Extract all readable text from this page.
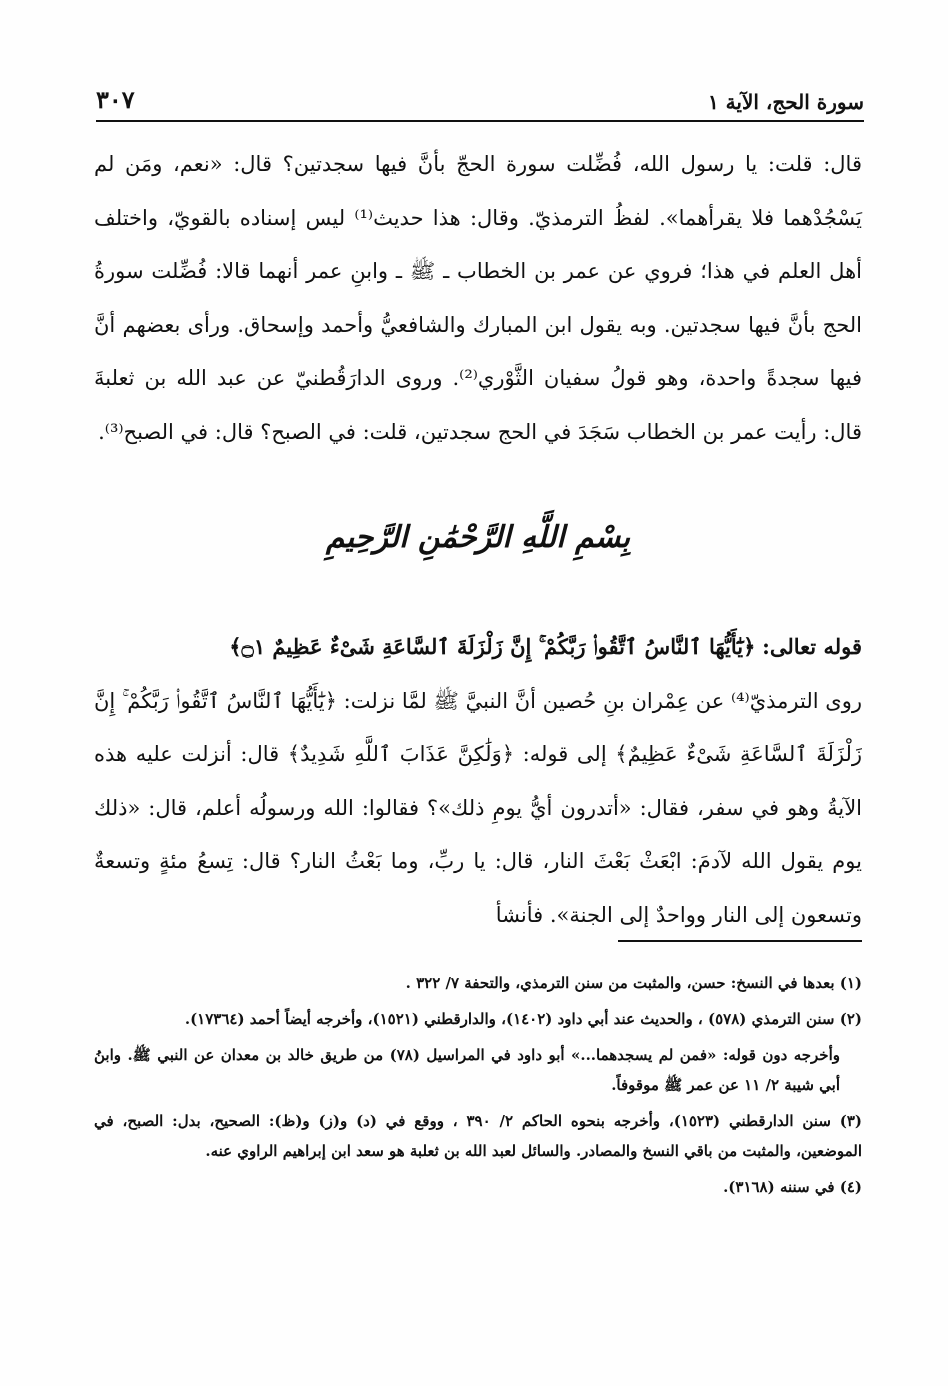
سورة الحج، الآية ١
٣٠٧

قال: قلت: يا رسول الله، فُضِّلت سورة الحجّ بأنَّ فيها سجدتين؟ قال: «نعم، ومَن لم يَسْجُدْهما فلا يقرأهما». لفظُ الترمذيّ. وقال: هذا حديث⁽¹⁾ ليس إسناده بالقويّ، واختلف أهل العلم في هذا؛ فروي عن عمر بن الخطاب ـ ﷺ ـ وابنِ عمر أنهما قالا: فُضِّلت سورةُ الحج بأنَّ فيها سجدتين. وبه يقول ابن المبارك والشافعيُّ وأحمد وإسحاق. ورأى بعضهم أنَّ فيها سجدةً واحدة، وهو قولُ سفيان الثَّوْري⁽²⁾. وروى الدارَقُطنيّ عن عبد الله بن ثعلبةَ قال: رأيت عمر بن الخطاب سَجَدَ في الحج سجدتين، قلت: في الصبح؟ قال: في الصبح⁽³⁾.

بِسْمِ اللَّهِ الرَّحْمَٰنِ الرَّحِيمِ

قوله تعالى: ﴿يَٰٓأَيُّهَا ٱلنَّاسُ ٱتَّقُوا۟ رَبَّكُمْ ۚ إِنَّ زَلْزَلَةَ ٱلسَّاعَةِ شَىْءٌ عَظِيمٌ ۝١﴾

روى الترمذيّ⁽⁴⁾ عن عِمْران بنِ حُصين أنَّ النبيَّ ﷺ لمَّا نزلت: ﴿يَٰٓأَيُّهَا ٱلنَّاسُ ٱتَّقُوا۟ رَبَّكُمْ ۚ إِنَّ زَلْزَلَةَ ٱلسَّاعَةِ شَىْءٌ عَظِيمٌ﴾ إلى قوله: ﴿وَلَٰكِنَّ عَذَابَ ٱللَّهِ شَدِيدٌ﴾ قال: أنزلت عليه هذه الآيةُ وهو في سفر، فقال: «أتدرون أيُّ يومِ ذلك»؟ فقالوا: الله ورسولُه أعلم، قال: «ذلك يوم يقول الله لآدمَ: ابْعَثْ بَعْثَ النار، قال: يا ربِّ، وما بَعْثُ النار؟ قال: تِسعُ مئةٍ وتسعةٌ وتسعون إلى النار وواحدٌ إلى الجنة». فأنشأ

(١) بعدها في النسخ: حسن، والمثبت من سنن الترمذي، والتحفة ٧/ ٣٢٢ .

(٢) سنن الترمذي (٥٧٨) ، والحديث عند أبي داود (١٤٠٢)، والدارقطني (١٥٢١)، وأخرجه أيضاً أحمد (١٧٣٦٤).

وأخرجه دون قوله: «فمن لم يسجدهما...» أبو داود في المراسيل (٧٨) من طريق خالد بن معدان عن النبي ﷺ. وابنُ أبي شيبة ٢/ ١١ عن عمر ﷺ موقوفاً.

(٣) سنن الدارقطني (١٥٢٣)، وأخرجه بنحوه الحاكم ٢/ ٣٩٠ ، ووقع في (د) و(ز) و(ظ): الصحيح، بدل: الصبح، في الموضعين، والمثبت من باقي النسخ والمصادر. والسائل لعبد الله بن ثعلبة هو سعد ابن إبراهيم الراوي عنه.

(٤) في سننه (٣١٦٨).
